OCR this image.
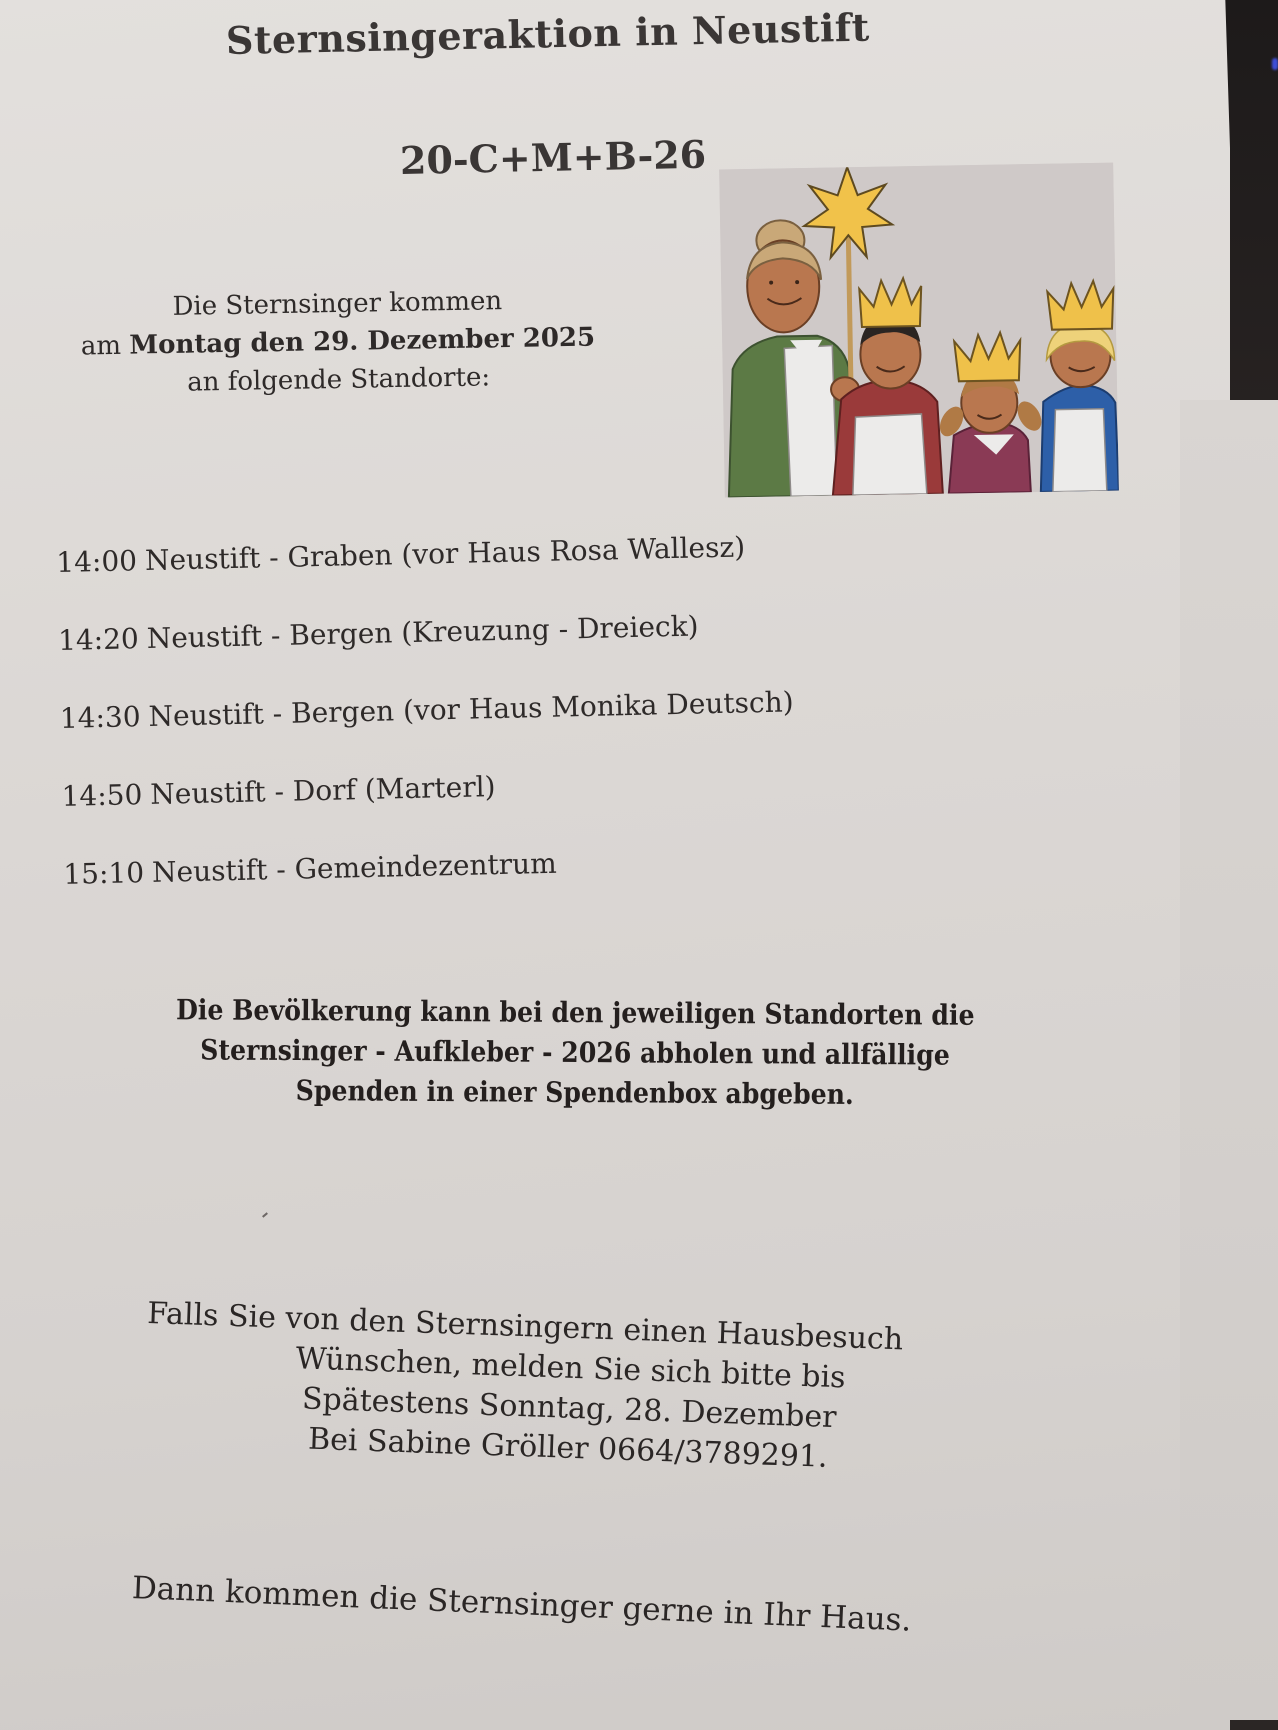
Sternsingeraktion in Neustift
20-C+M+B-26
Die Sternsinger kommen
am Montag den 29. Dezember 2025
an folgende Standorte:
14:00 Neustift - Graben (vor Haus Rosa Wallesz)
14:20 Neustift - Bergen (Kreuzung - Dreieck)
14:30 Neustift - Bergen (vor Haus Monika Deutsch)
14:50 Neustift - Dorf (Marterl)
15:10 Neustift - Gemeindezentrum
Die Bevölkerung kann bei den jeweiligen Standorten die
Sternsinger - Aufkleber - 2026 abholen und allfällige
Spenden in einer Spendenbox abgeben.
Falls Sie von den Sternsingern einen Hausbesuch
Wünschen, melden Sie sich bitte bis
Spätestens Sonntag, 28. Dezember
Bei Sabine Gröller 0664/3789291.
Dann kommen die Sternsinger gerne in Ihr Haus.
